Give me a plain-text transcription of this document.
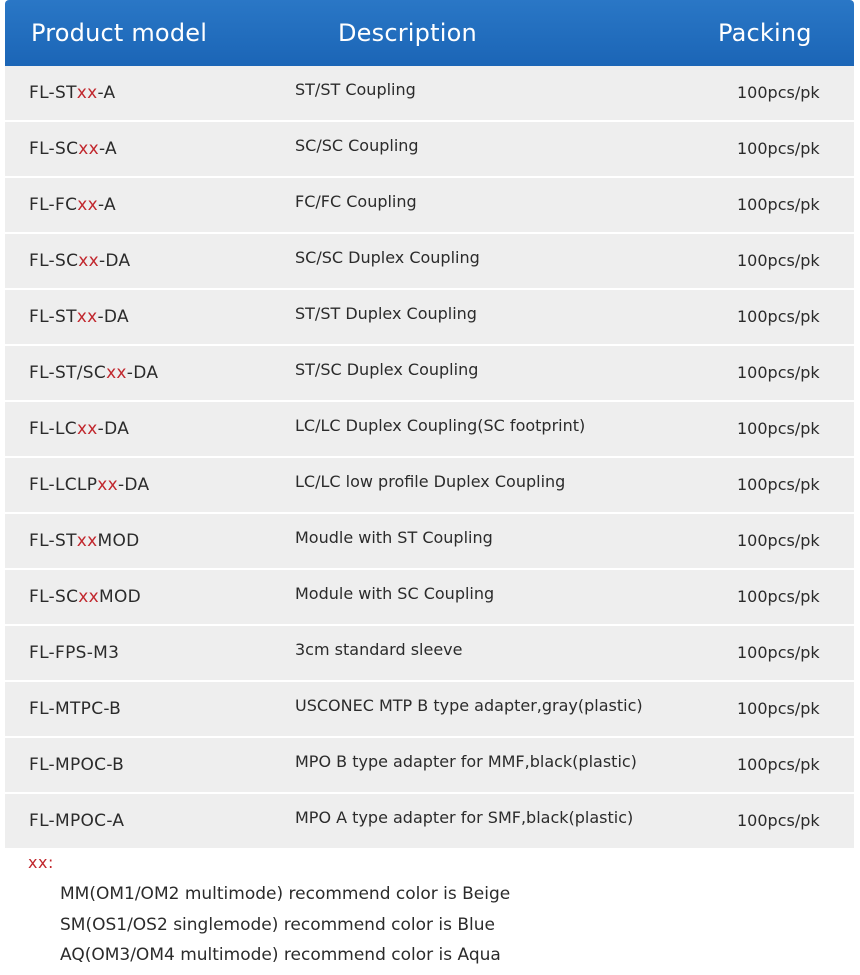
Product model	Description	Packing
FL-STxx-A	ST/ST Coupling	100pcs/pk
FL-SCxx-A	SC/SC Coupling	100pcs/pk
FL-FCxx-A	FC/FC Coupling	100pcs/pk
FL-SCxx-DA	SC/SC Duplex Coupling	100pcs/pk
FL-STxx-DA	ST/ST Duplex Coupling	100pcs/pk
FL-ST/SCxx-DA	ST/SC Duplex Coupling	100pcs/pk
FL-LCxx-DA	LC/LC Duplex Coupling(SC footprint)	100pcs/pk
FL-LCLPxx-DA	LC/LC low profile Duplex Coupling	100pcs/pk
FL-STxxMOD	Moudle with ST Coupling	100pcs/pk
FL-SCxxMOD	Module with SC Coupling	100pcs/pk
FL-FPS-M3	3cm standard sleeve	100pcs/pk
FL-MTPC-B	USCONEC MTP B type adapter,gray(plastic)	100pcs/pk
FL-MPOC-B	MPO B type adapter for MMF,black(plastic)	100pcs/pk
FL-MPOC-A	MPO A type adapter for SMF,black(plastic)	100pcs/pk
xx:
MM(OM1/OM2 multimode) recommend color is Beige
SM(OS1/OS2 singlemode) recommend color is Blue
AQ(OM3/OM4 multimode) recommend color is Aqua
